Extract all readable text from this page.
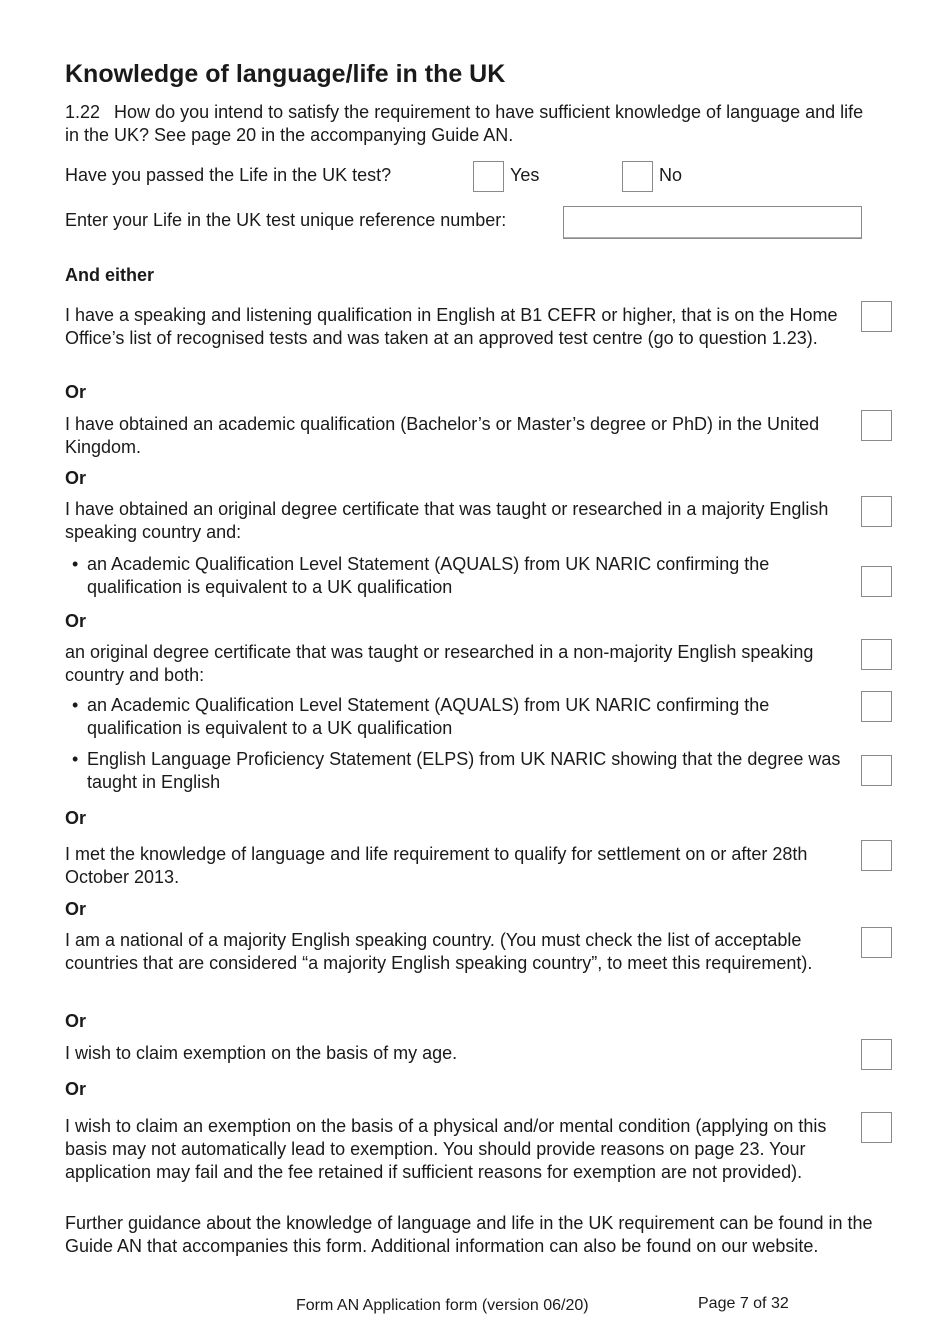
Knowledge of language/life in the UK
1.22 How do you intend to satisfy the requirement to have sufficient knowledge of language and life in the UK? See page 20 in the accompanying Guide AN.
Have you passed the Life in the UK test?	Yes	No
Enter your Life in the UK test unique reference number:
And either
I have a speaking and listening qualification in English at B1 CEFR or higher, that is on the Home Office’s list of recognised tests and was taken at an approved test centre (go to question 1.23).
Or
I have obtained an academic qualification (Bachelor’s or Master’s degree or PhD) in the United Kingdom.
Or
I have obtained an original degree certificate that was taught or researched in a majority English speaking country and:
• an Academic Qualification Level Statement (AQUALS) from UK NARIC confirming the qualification is equivalent to a UK qualification
Or
an original degree certificate that was taught or researched in a non-majority English speaking country and both:
• an Academic Qualification Level Statement (AQUALS) from UK NARIC confirming the qualification is equivalent to a UK qualification
• English Language Proficiency Statement (ELPS) from UK NARIC showing that the degree was taught in English
Or
I met the knowledge of language and life requirement to qualify for settlement on or after 28th October 2013.
Or
I am a national of a majority English speaking country. (You must check the list of acceptable countries that are considered “a majority English speaking country”, to meet this requirement).
Or
I wish to claim exemption on the basis of my age.
Or
I wish to claim an exemption on the basis of a physical and/or mental condition (applying on this basis may not automatically lead to exemption. You should provide reasons on page 23. Your application may fail and the fee retained if sufficient reasons for exemption are not provided).
Further guidance about the knowledge of language and life in the UK requirement can be found in the Guide AN that accompanies this form. Additional information can also be found on our website.
Form AN Application form (version 06/20)	Page 7 of 32
